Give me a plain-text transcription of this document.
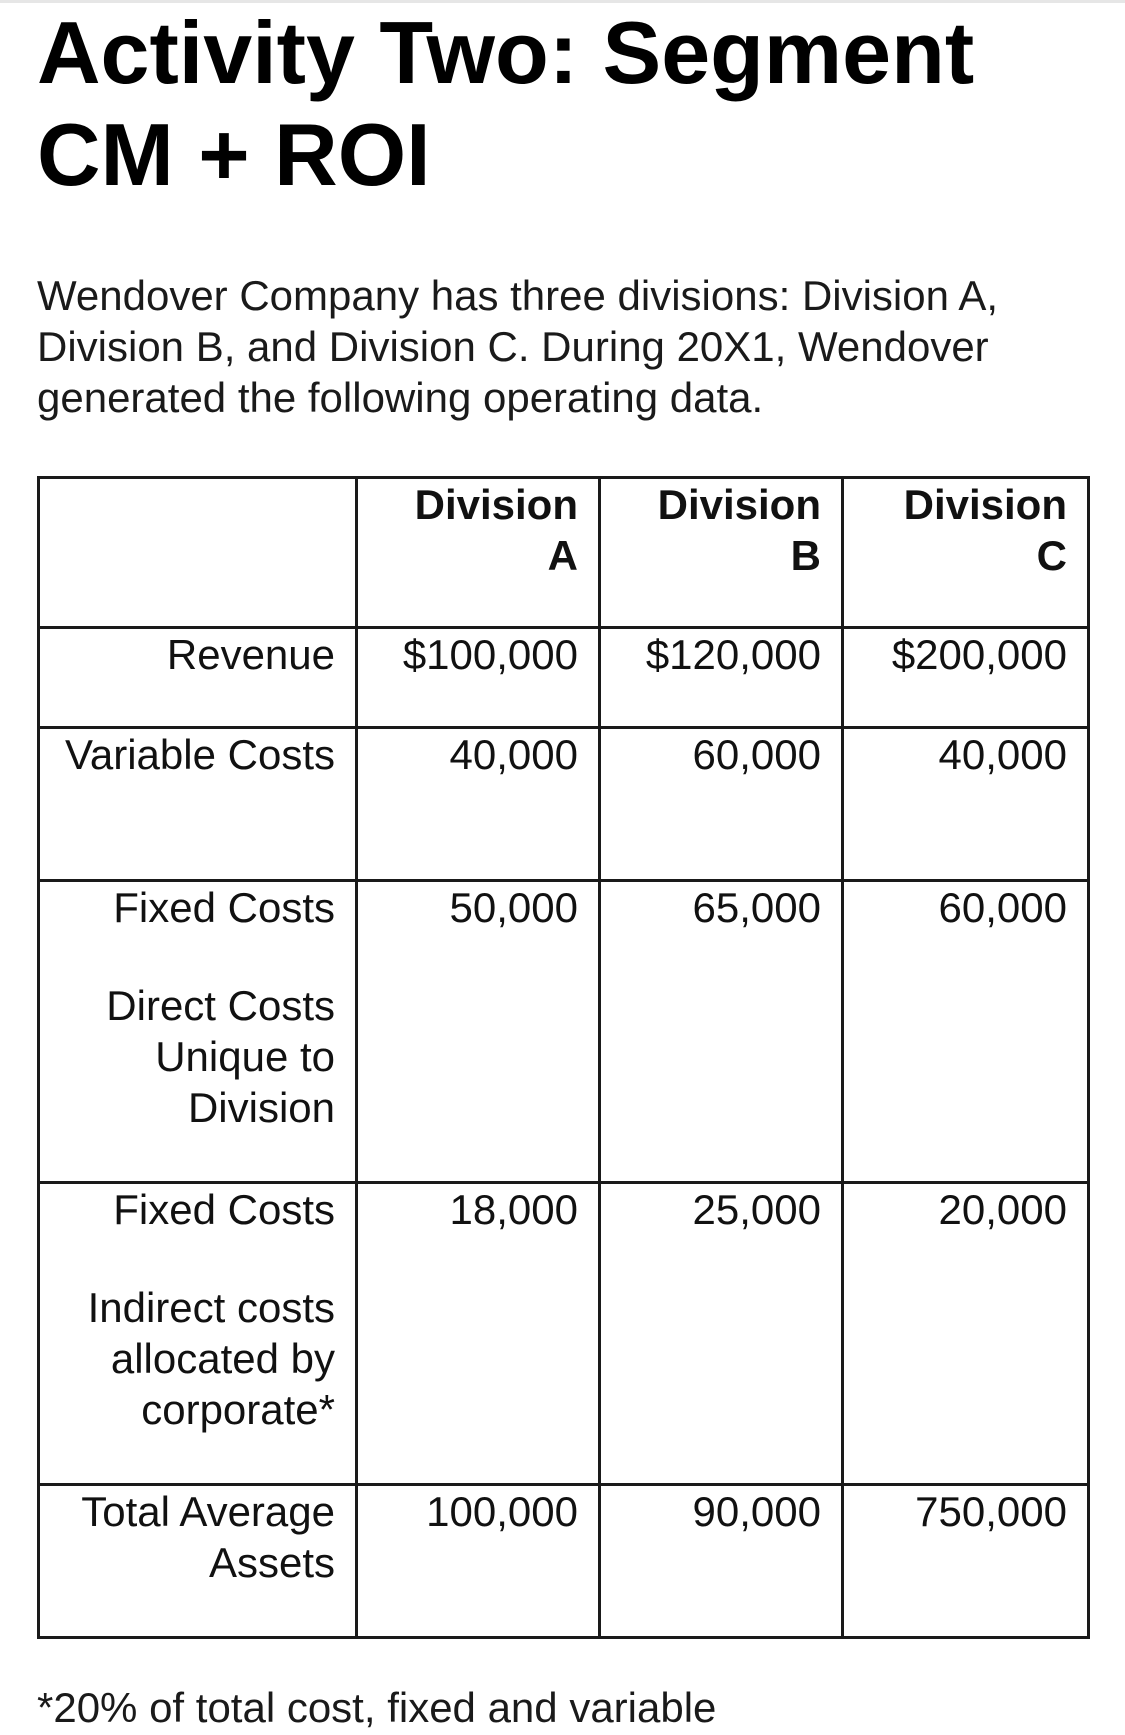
Activity Two: Segment CM + ROI

Wendover Company has three divisions: Division A, Division B, and Division C. During 20X1, Wendover generated the following operating data.

	Division A	Division B	Division C
Revenue	$100,000	$120,000	$200,000
Variable Costs	40,000	60,000	40,000
Fixed Costs
Direct Costs Unique to Division	50,000	65,000	60,000
Fixed Costs
Indirect costs allocated by corporate*	18,000	25,000	20,000
Total Average Assets	100,000	90,000	750,000

*20% of total cost, fixed and variable
